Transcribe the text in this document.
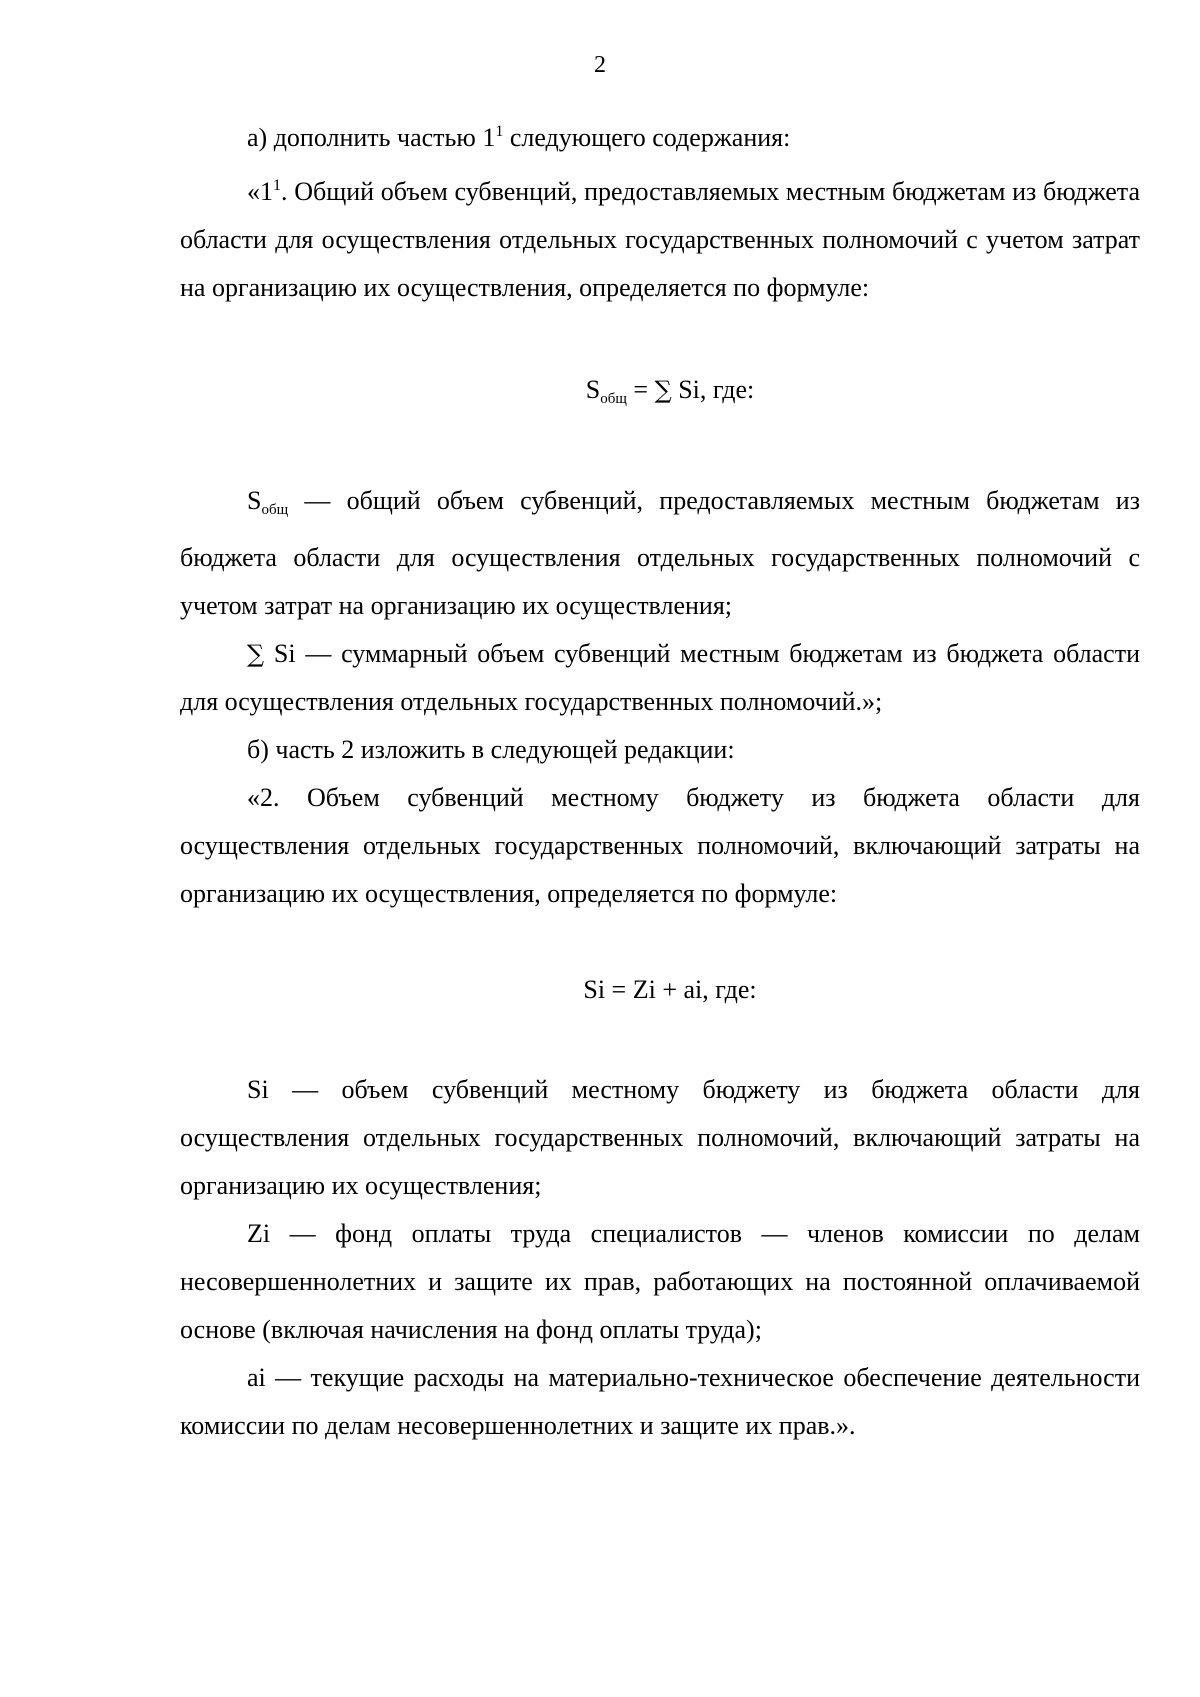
2

а) дополнить частью $1^1$ следующего содержания:

«$1^1$. Общий объем субвенций, предоставляемых местным бюджетам из бюджета области для осуществления отдельных государственных полномочий с учетом затрат на организацию их осуществления, определяется по формуле:

Sобщ = ∑ Si, где:

Sобщ — общий объем субвенций, предоставляемых местным бюджетам из бюджета области для осуществления отдельных государственных полномочий с учетом затрат на организацию их осуществления;

∑ Si — суммарный объем субвенций местным бюджетам из бюджета области для осуществления отдельных государственных полномочий.»;

б) часть 2 изложить в следующей редакции:

«2. Объем субвенций местному бюджету из бюджета области для осуществления отдельных государственных полномочий, включающий затраты на организацию их осуществления, определяется по формуле:

Si = Zi + ai, где:

Si — объем субвенций местному бюджету из бюджета области для осуществления отдельных государственных полномочий, включающий затраты на организацию их осуществления;

Zi — фонд оплаты труда специалистов — членов комиссии по делам несовершеннолетних и защите их прав, работающих на постоянной оплачиваемой основе (включая начисления на фонд оплаты труда);

ai — текущие расходы на материально-техническое обеспечение деятельности комиссии по делам несовершеннолетних и защите их прав.».
